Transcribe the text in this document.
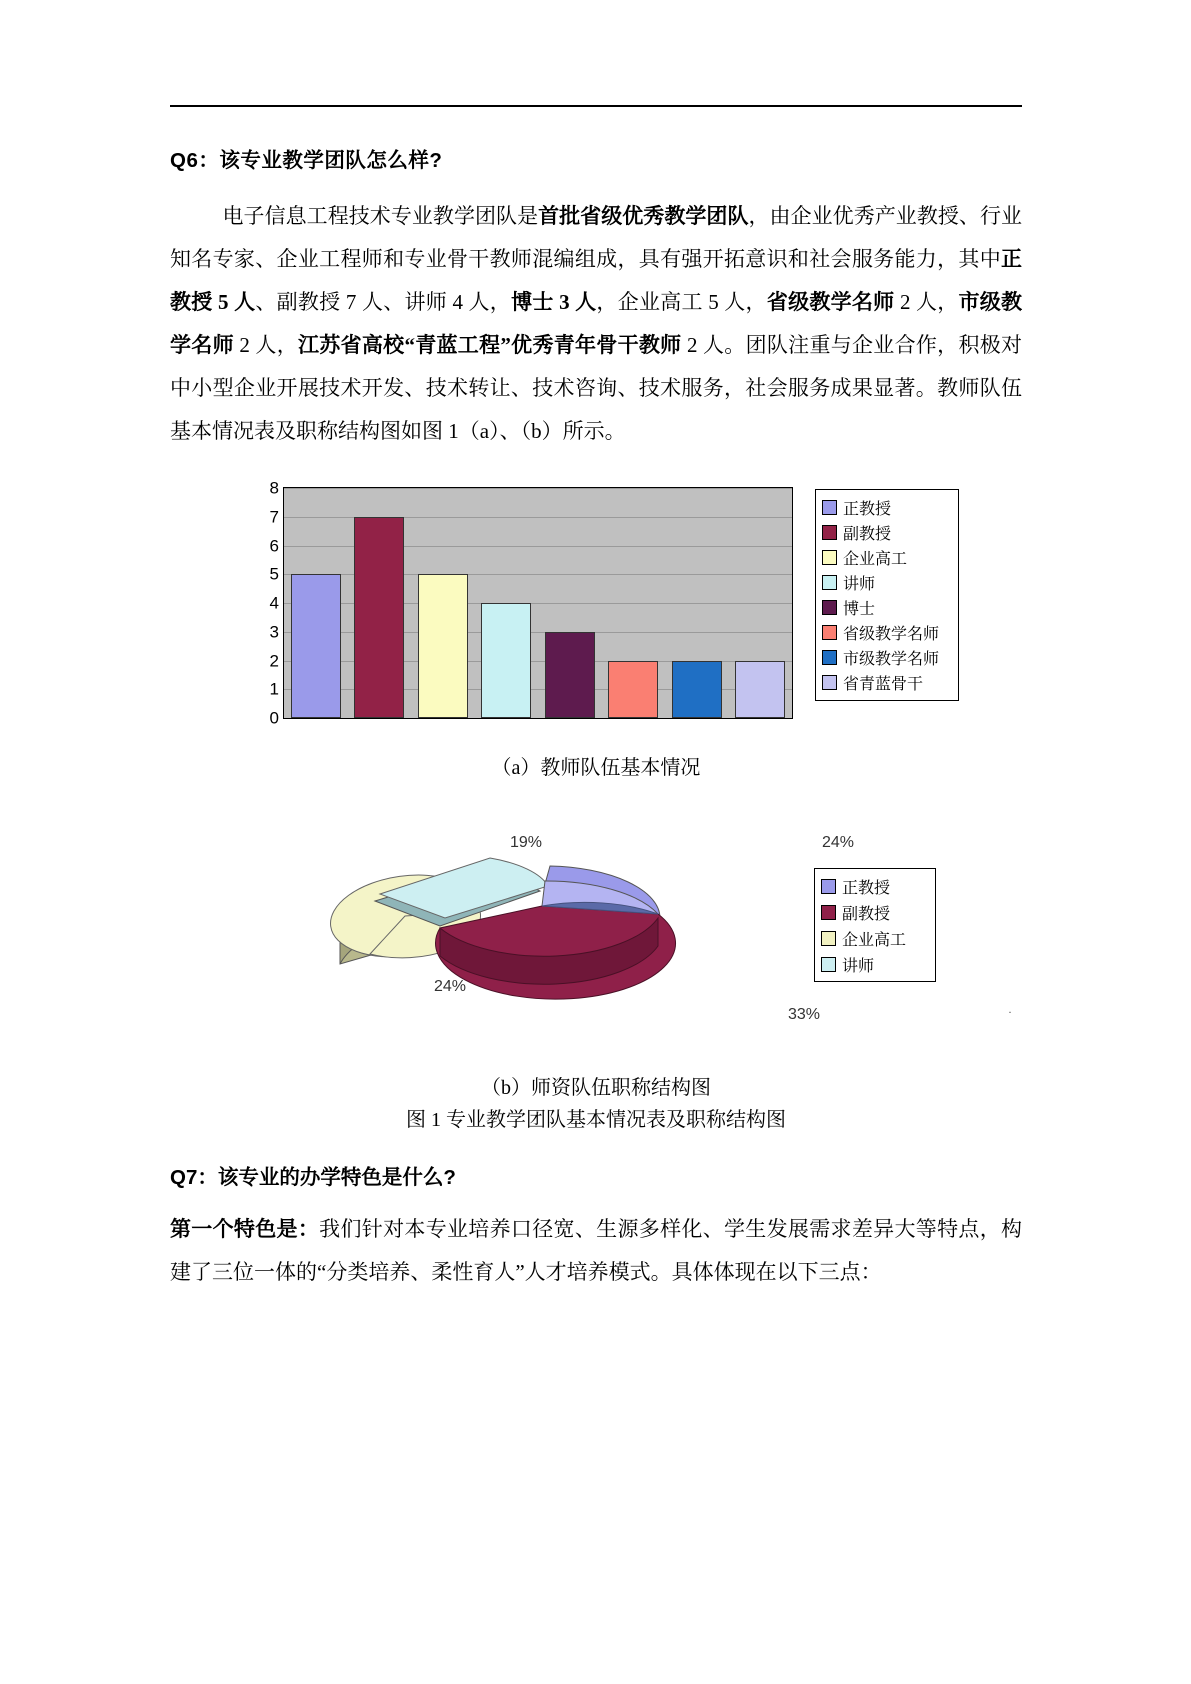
Q6：该专业教学团队怎么样?

电子信息工程技术专业教学团队是首批省级优秀教学团队，由企业优秀产业教授、行业知名专家、企业工程师和专业骨干教师混编组成，具有强开拓意识和社会服务能力，其中正教授 5 人、副教授 7 人、讲师 4 人，博士 3 人，企业高工 5 人，省级教学名师 2 人，市级教学名师 2 人，江苏省高校“青蓝工程”优秀青年骨干教师 2 人。团队注重与企业合作，积极对中小型企业开展技术开发、技术转让、技术咨询、技术服务，社会服务成果显著。教师队伍基本情况表及职称结构图如图 1（a）、（b）所示。

0
1
2
3
4
5
6
7
8
正教授
副教授
企业高工
讲师
博士
省级教学名师
市级教学名师
省青蓝骨干
（a）教师队伍基本情况
19%	24%
24%
33%
正教授
副教授
企业高工
讲师
.
（b）师资队伍职称结构图
图 1 专业教学团队基本情况表及职称结构图
Q7：该专业的办学特色是什么?

第一个特色是：我们针对本专业培养口径宽、生源多样化、学生发展需求差异大等特点，构建了三位一体的“分类培养、柔性育人”人才培养模式。具体体现在以下三点：
